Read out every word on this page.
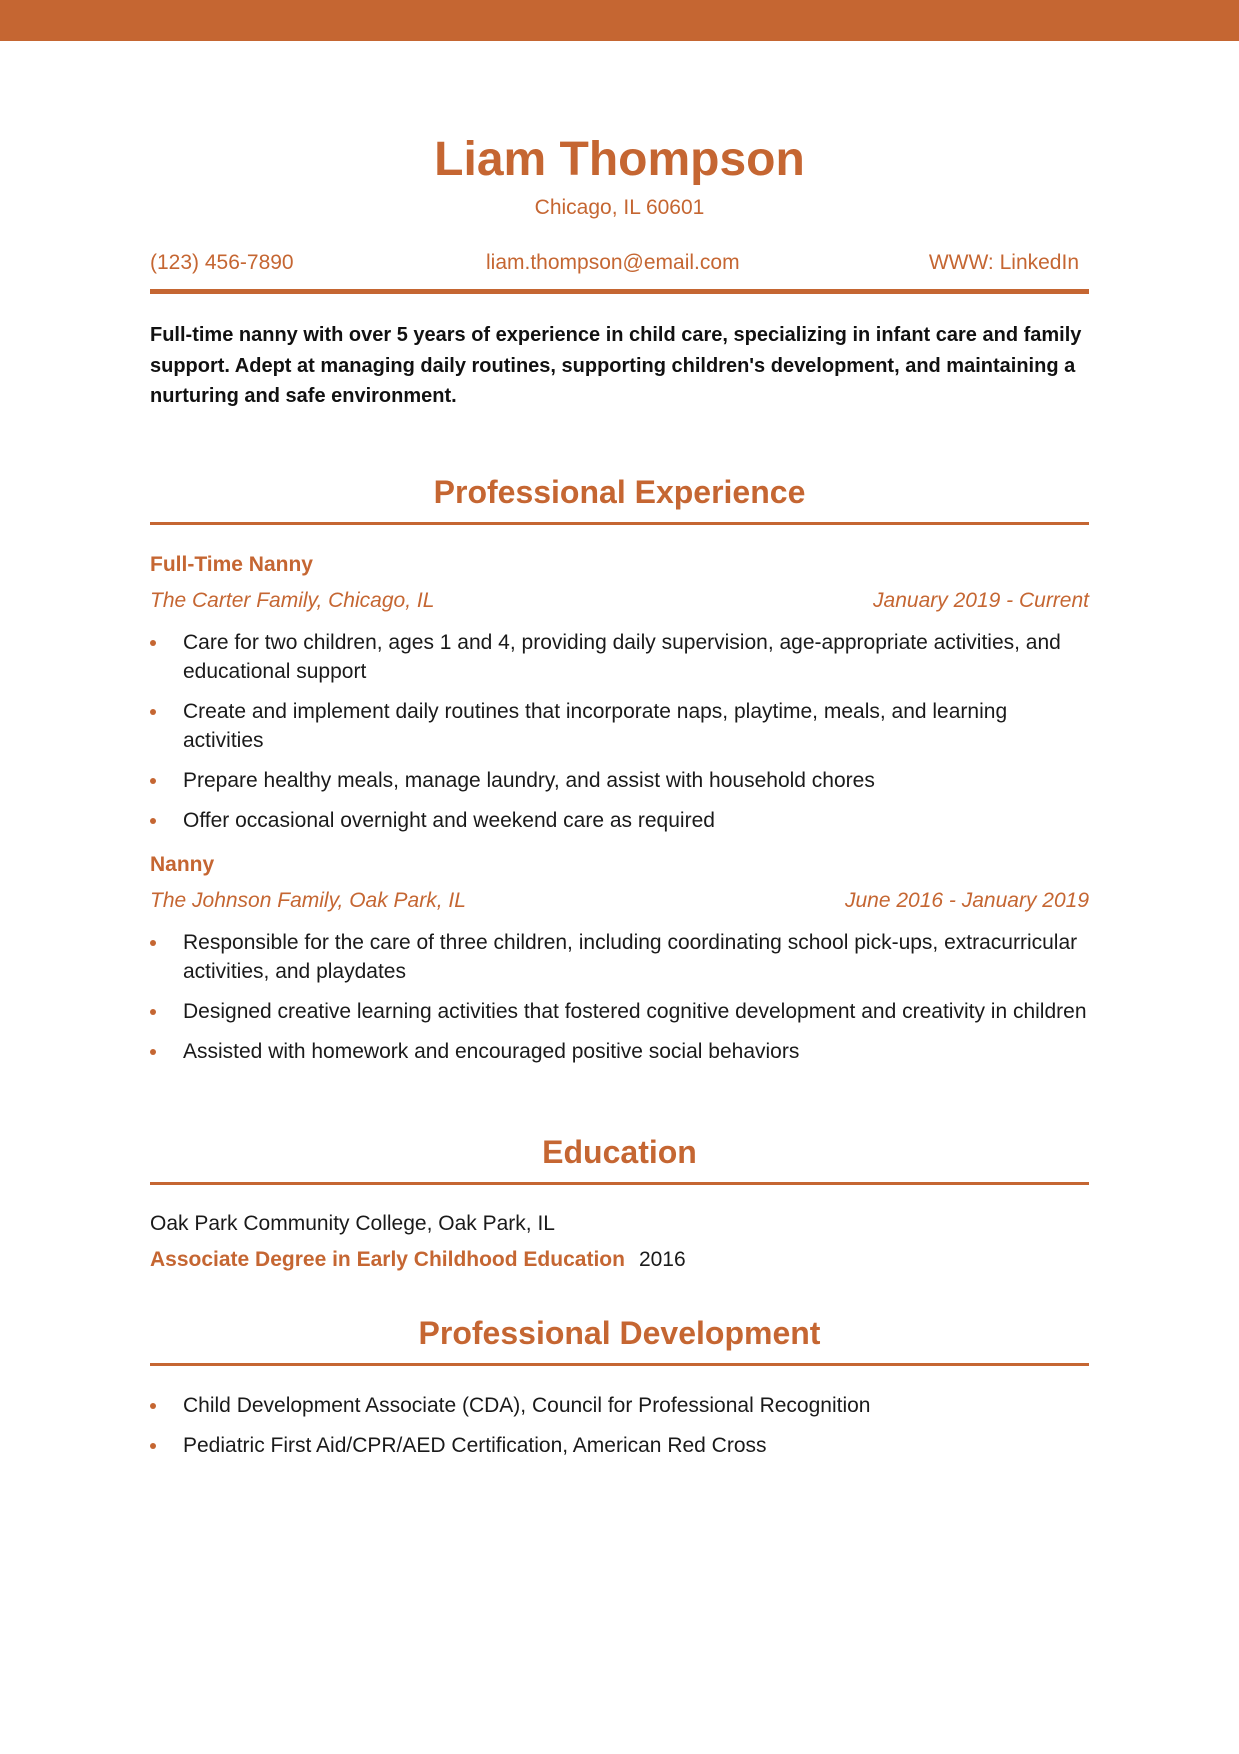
Liam Thompson
Chicago, IL 60601
(123) 456-7890	liam.thompson@email.com	WWW: LinkedIn
Full-time nanny with over 5 years of experience in child care, specializing in infant care and family support. Adept at managing daily routines, supporting children's development, and maintaining a nurturing and safe environment.
Professional Experience
Full-Time Nanny
The Carter Family, Chicago, IL	January 2019 - Current
Care for two children, ages 1 and 4, providing daily supervision, age-appropriate activities, and educational support
Create and implement daily routines that incorporate naps, playtime, meals, and learning activities
Prepare healthy meals, manage laundry, and assist with household chores
Offer occasional overnight and weekend care as required
Nanny
The Johnson Family, Oak Park, IL	June 2016 - January 2019
Responsible for the care of three children, including coordinating school pick-ups, extracurricular activities, and playdates
Designed creative learning activities that fostered cognitive development and creativity in children
Assisted with homework and encouraged positive social behaviors
Education
Oak Park Community College, Oak Park, IL
Associate Degree in Early Childhood Education 2016
Professional Development
Child Development Associate (CDA), Council for Professional Recognition
Pediatric First Aid/CPR/AED Certification, American Red Cross
